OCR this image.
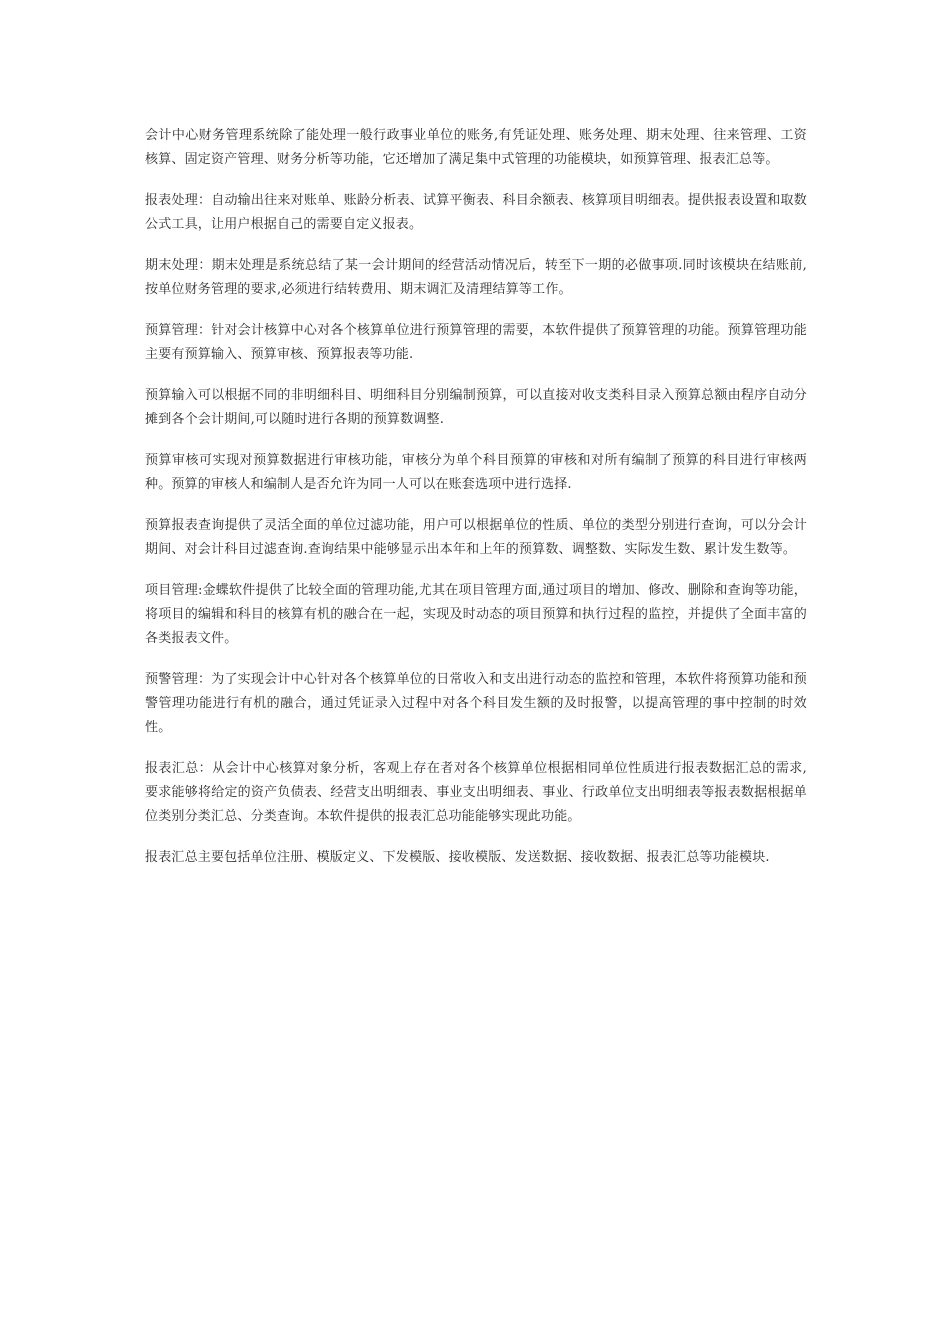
会计中心财务管理系统除了能处理一般行政事业单位的账务,有凭证处理、账务处理、期末处理、往来管理、工资核算、固定资产管理、财务分析等功能，它还增加了满足集中式管理的功能模块，如预算管理、报表汇总等。

报表处理：自动输出往来对账单、账龄分析表、试算平衡表、科目余额表、核算项目明细表。提供报表设置和取数公式工具，让用户根据自己的需要自定义报表。

期末处理：期末处理是系统总结了某一会计期间的经营活动情况后，转至下一期的必做事项.同时该模块在结账前,按单位财务管理的要求,必须进行结转费用、期末调汇及清理结算等工作。

预算管理：针对会计核算中心对各个核算单位进行预算管理的需要，本软件提供了预算管理的功能。预算管理功能主要有预算输入、预算审核、预算报表等功能.

预算输入可以根据不同的非明细科目、明细科目分别编制预算，可以直接对收支类科目录入预算总额由程序自动分摊到各个会计期间,可以随时进行各期的预算数调整.

预算审核可实现对预算数据进行审核功能，审核分为单个科目预算的审核和对所有编制了预算的科目进行审核两种。预算的审核人和编制人是否允许为同一人可以在账套选项中进行选择.

预算报表查询提供了灵活全面的单位过滤功能，用户可以根据单位的性质、单位的类型分别进行查询，可以分会计期间、对会计科目过滤查询.查询结果中能够显示出本年和上年的预算数、调整数、实际发生数、累计发生数等。

项目管理:金蝶软件提供了比较全面的管理功能,尤其在项目管理方面,通过项目的增加、修改、删除和查询等功能，将项目的编辑和科目的核算有机的融合在一起，实现及时动态的项目预算和执行过程的监控，并提供了全面丰富的各类报表文件。

预警管理：为了实现会计中心针对各个核算单位的日常收入和支出进行动态的监控和管理，本软件将预算功能和预警管理功能进行有机的融合，通过凭证录入过程中对各个科目发生额的及时报警，以提高管理的事中控制的时效性。

报表汇总：从会计中心核算对象分析，客观上存在者对各个核算单位根据相同单位性质进行报表数据汇总的需求,要求能够将给定的资产负债表、经营支出明细表、事业支出明细表、事业、行政单位支出明细表等报表数据根据单位类别分类汇总、分类查询。本软件提供的报表汇总功能能够实现此功能。

报表汇总主要包括单位注册、模版定义、下发模版、接收模版、发送数据、接收数据、报表汇总等功能模块.
